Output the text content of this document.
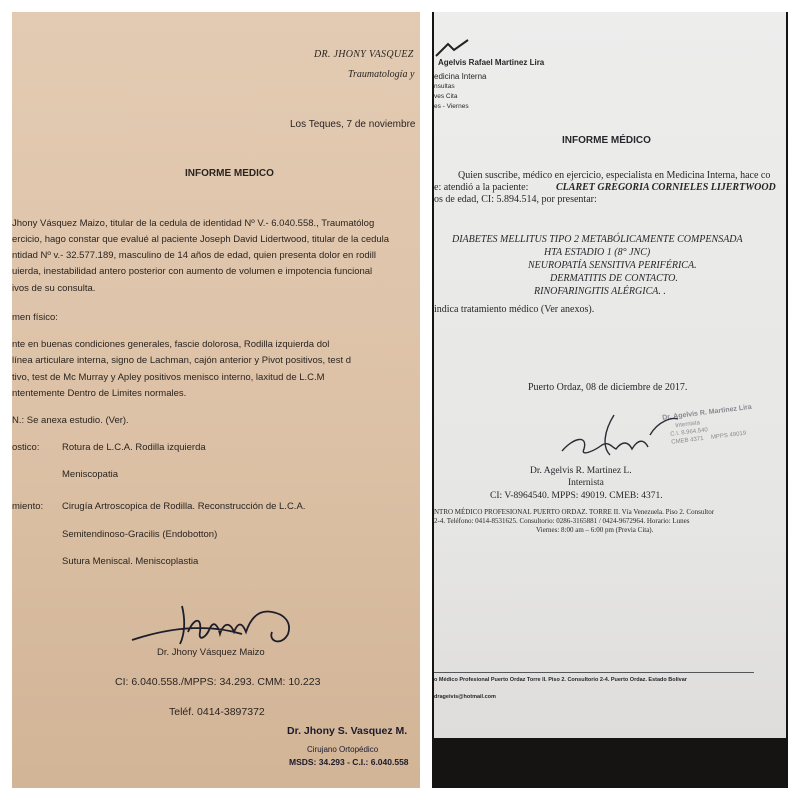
DR. JHONY VASQUEZ
Traumatología y
Los Teques, 7 de noviembre
INFORME MEDICO
Jhony Vásquez Maizo, titular de la cedula de identidad Nº V.- 6.040.558., Traumatólog
ercicio, hago constar que evalué al paciente Joseph David Lidertwood, titular de la cedula
ntidad Nº v.- 32.577.189, masculino de 14 años de edad, quien presenta dolor en rodill
uierda, inestabilidad antero posterior con aumento de volumen e impotencia funcional
ivos de su consulta.
men físico:
nte en buenas condiciones generales, fascie dolorosa, Rodilla izquierda dol
línea articulare interna, signo de Lachman, cajón anterior y Pivot positivos, test d
tivo, test de Mc Murray y Apley positivos menisco interno, laxitud de L.C.M
ntentemente Dentro de Limites normales.
N.: Se anexa estudio. (Ver).
ostico: Rotura de L.C.A. Rodilla izquierda
Meniscopatia
miento: Cirugía Artroscopica de Rodilla. Reconstrucción de L.C.A.
Semitendinoso-Gracilis (Endobotton)
Sutura Meniscal. Meniscoplastia
Dr. Jhony Vásquez Maizo
CI: 6.040.558./MPPS: 34.293. CMM: 10.223
Teléf. 0414-3897372
Dr. Jhony S. Vasquez M.
Cirujano Ortopédico
MSDS: 34.293 - C.I.: 6.040.558
Agelvis Rafael Martinez Lira
edicina Interna
nsultas
ves Cita
es - Viernes
INFORME MÉDICO
Quien suscribe, médico en ejercicio, especialista en Medicina Interna, hace co
e: atendió a la paciente:	CLARET GREGORIA CORNIELES LIJERTWOOD
os de edad, CI: 5.894.514, por presentar:
DIABETES MELLITUS TIPO 2 METABÓLICAMENTE COMPENSADA
HTA ESTADIO 1 (8° JNC)
NEUROPATÍA SENSITIVA PERIFÉRICA.
DERMATITIS DE CONTACTO.
RINOFARINGITIS ALÉRGICA. .
indica tratamiento médico (Ver anexos).
Puerto Ordaz, 08 de diciembre de 2017.
Dr. Agelvis R. Martinez Lira
Internista
C.I. 8.964.540
CMEB 4371 MPPS 49019
Dr. Agelvis R. Martinez L.
Internista
CI: V-8964540. MPPS: 49019. CMEB: 4371.
NTRO MÉDICO PROFESIONAL PUERTO ORDAZ. TORRE II. Vía Venezuela. Piso 2. Consultor
2-4. Teléfono: 0414-8531625. Consultorio: 0286-3165881 / 0424-9672964. Horario: Lunes
Viernes: 8:00 am – 6:00 pm (Previa Cita).
o Médico Profesional Puerto Ordaz Torre II. Piso 2. Consultorio 2-4. Puerto Ordaz. Estado Bolívar
drageivis@hotmail.com
